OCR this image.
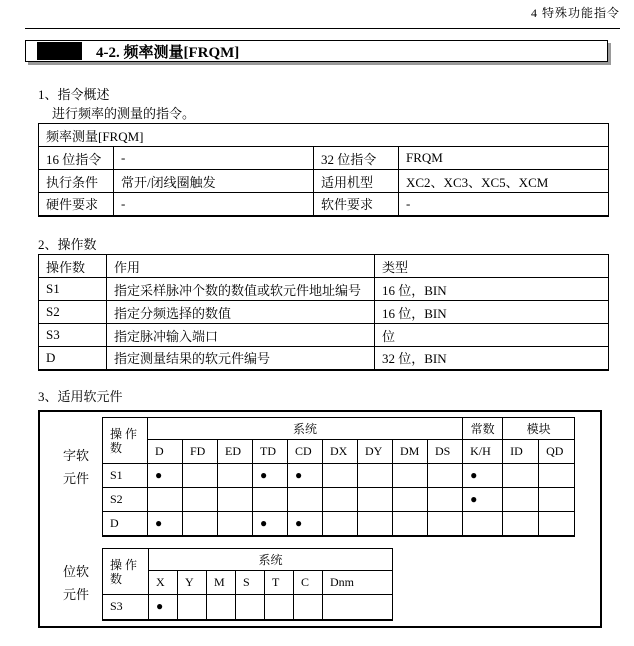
4 特殊功能指令
4-2. 频率测量[FRQM]
1、指令概述
进行频率的测量的指令。
频率测量[FRQM]			
16 位指令	-	32 位指令	FRQM
执行条件	常开/闭线圈触发	适用机型	XC2、XC3、XC5、XCM
硬件要求	-	软件要求	-
2、操作数
操作数	作用	类型
S1	指定采样脉冲个数的数值或软元件地址编号	16 位，BIN
S2	指定分频选择的数值	16 位，BIN
S3	指定脉冲输入端口	位
D	指定测量结果的软元件编号	32 位，BIN
3、适用软元件
字软
元件
操 作
数	系统									常数	模块	
	D	FD	ED	TD	CD	DX	DY	DM	DS	K/H	ID	QD
S1	●			●	●					●		
S2										●		
D	●			●	●							
位软
元件
操 作
数	系统						
	X	Y	M	S	T	C	Dnm
S3	●						
